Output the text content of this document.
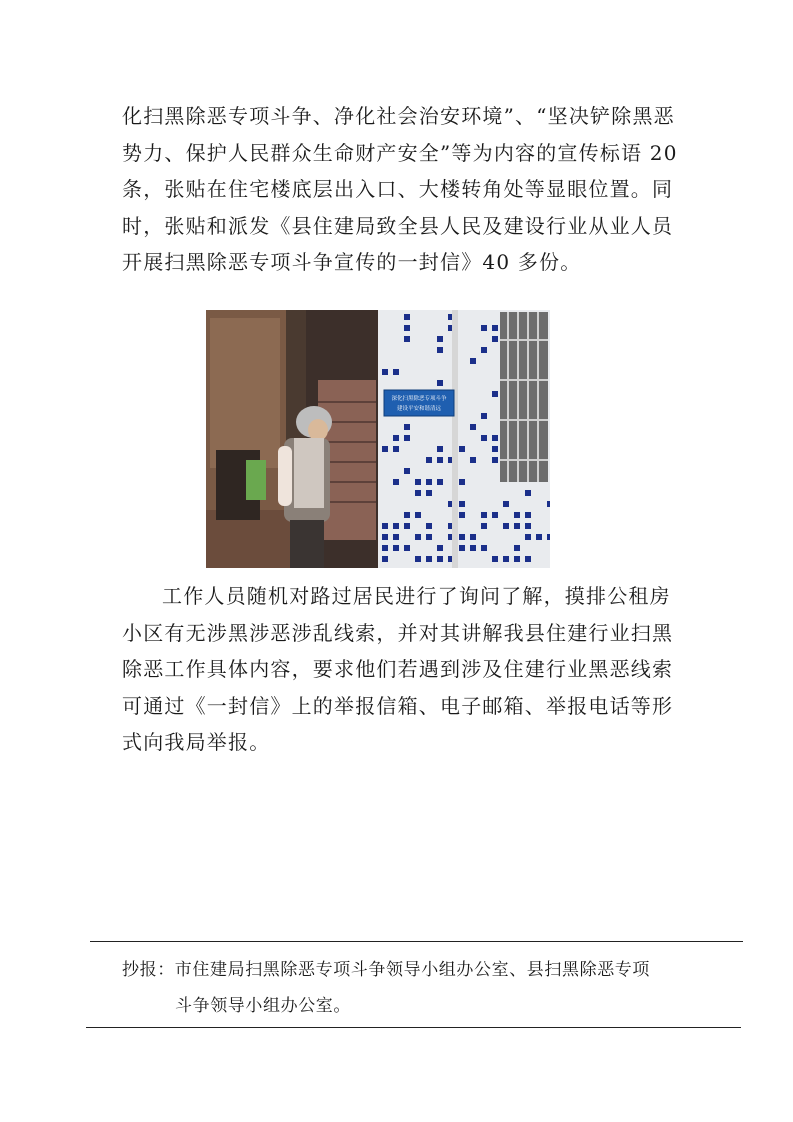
化扫黑除恶专项斗争、净化社会治安环境”、“坚决铲除黑恶
势力、保护人民群众生命财产安全”等为内容的宣传标语 20
条，张贴在住宅楼底层出入口、大楼转角处等显眼位置。同
时，张贴和派发《县住建局致全县人民及建设行业从业人员
开展扫黑除恶专项斗争宣传的一封信》40 多份。
深化扫黑除恶专项斗争
建设平安和谐清远
工作人员随机对路过居民进行了询问了解，摸排公租房
小区有无涉黑涉恶涉乱线索，并对其讲解我县住建行业扫黑
除恶工作具体内容，要求他们若遇到涉及住建行业黑恶线索
可通过《一封信》上的举报信箱、电子邮箱、举报电话等形
式向我局举报。
抄报：市住建局扫黑除恶专项斗争领导小组办公室、县扫黑除恶专项
斗争领导小组办公室。
